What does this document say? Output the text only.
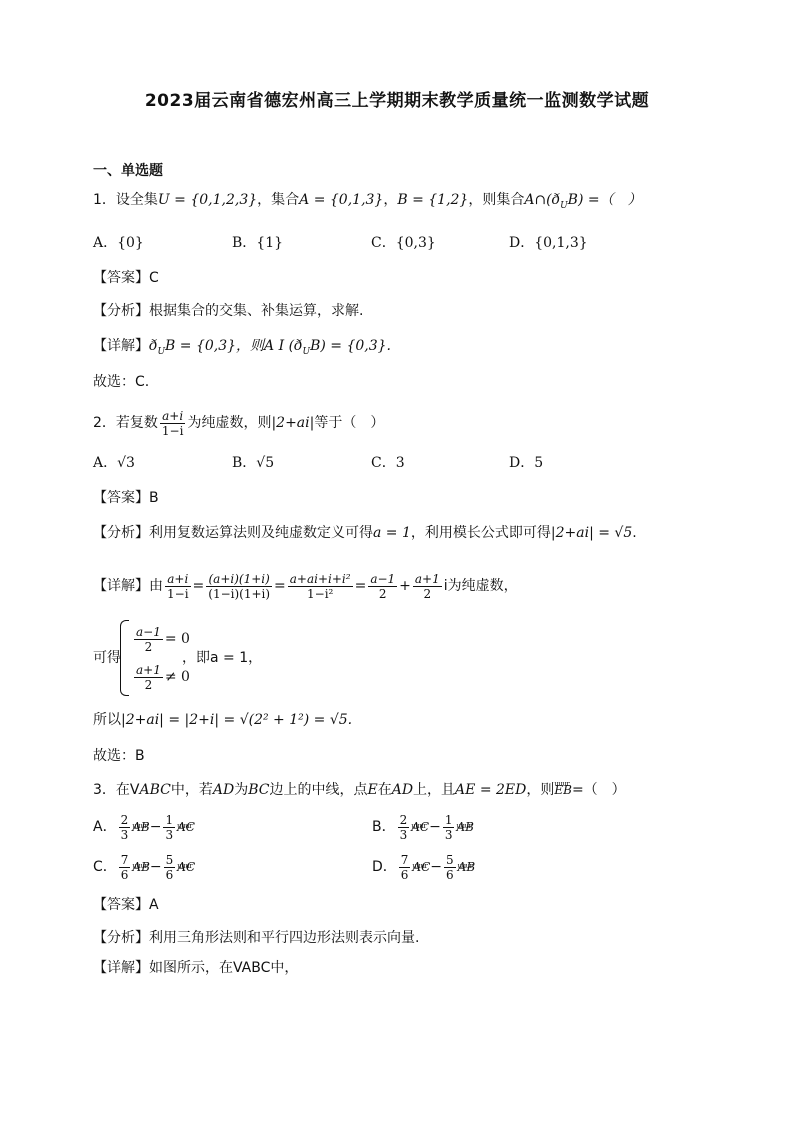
2023届云南省德宏州高三上学期期末教学质量统一监测数学试题
一、单选题
1．设全集U = {0,1,2,3}，集合A = {0,1,3}，B = {1,2}，则集合$A\cap(ð_UB)$ =（　）
A．{0}	B．{1}	C．{0,3}	D．{0,1,3}
【答案】C
【分析】根据集合的交集、补集运算，求解.
【详解】$ð_UB = \{0,3\}$，则A I $(ð_UB) = \{0,3\}$.
故选：C.
2．若复数 $\frac{a+i}{1-i}$ 为纯虚数，则|2+ai|等于（　）
A．√3	B．√5	C．3	D．5
【答案】B
【分析】利用复数运算法则及纯虚数定义可得a = 1，利用模长公式即可得|2+ai| = √5.
【详解】由 $\frac{a+i}{1-i} = \frac{(a+i)(1+i)}{(1-i)(1+i)} = \frac{\text{a+ai+i+i²}}{\text{1−i²}} = \frac{a-1}{2} + \frac{a+1}{2}$ i为纯虚数，
可得
$\frac{a-1}{2} = 0$
$\frac{a+1}{2} \ne 0$
，即a = 1，
所以|2+ai| = |2+i| = √(2² + 1²) = √5.
故选：B
3．在VABC中，若AD为BC边上的中线，点E在AD上，且AE = 2ED，则uuur EB=（　）
A． $\frac{2}{3}$ uuur $AB- \frac{1}{3}$ uuur AC	B． $\frac{2}{3}$ uuur $AC- \frac{1}{3}$ uuur AB
C． $\frac{7}{6}$ uuur $AB- \frac{5}{6}$ uuur AC	D． $\frac{7}{6}$ uuur $AC- \frac{5}{6}$ uuur AB
【答案】A
【分析】利用三角形法则和平行四边形法则表示向量.
【详解】如图所示，在VABC中，
